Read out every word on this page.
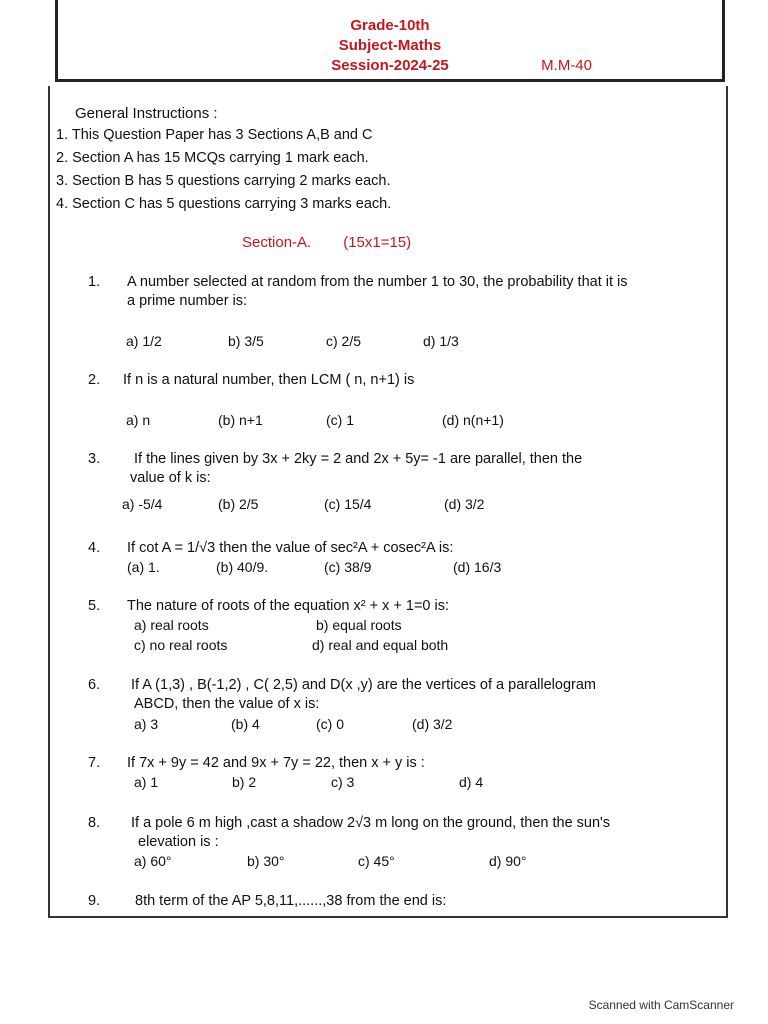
Grade-10th
Subject-Maths
Session-2024-25	M.M-40
General Instructions :
1. This Question Paper has 3 Sections A,B and C
2. Section A has 15 MCQs carrying 1 mark each.
3. Section B has 5 questions carrying 2 marks each.
4. Section C has 5 questions carrying 3 marks each.
Section-A. (15x1=15)
1. A number selected at random from the number 1 to 30, the probability that it is
a prime number is:
a) 1/2	b) 3/5	c) 2/5	d) 1/3
2. If n is a natural number, then LCM ( n, n+1) is
a) n	(b) n+1	(c) 1	(d) n(n+1)
3. If the lines given by 3x + 2ky = 2 and 2x + 5y= -1 are parallel, then the
value of k is:
a) -5/4	(b) 2/5	(c) 15/4	(d) 3/2
4. If cot A = 1/√3 then the value of sec²A + cosec²A is:
(a) 1.	(b) 40/9.	(c) 38/9	(d) 16/3
5. The nature of roots of the equation x² + x + 1=0 is:
a) real roots	b) equal roots
c) no real roots	d) real and equal both
6. If A (1,3) , B(-1,2) , C( 2,5) and D(x ,y) are the vertices of a parallelogram
ABCD, then the value of x is:
a) 3	(b) 4	(c) 0	(d) 3/2
7. If 7x + 9y = 42 and 9x + 7y = 22, then x + y is :
a) 1	b) 2	c) 3	d) 4
8. If a pole 6 m high ,cast a shadow 2√3 m long on the ground, then the sun's
elevation is :
a) 60°	b) 30°	c) 45°	d) 90°
9. 8th term of the AP 5,8,11,......,38 from the end is:
Scanned with CamScanner
